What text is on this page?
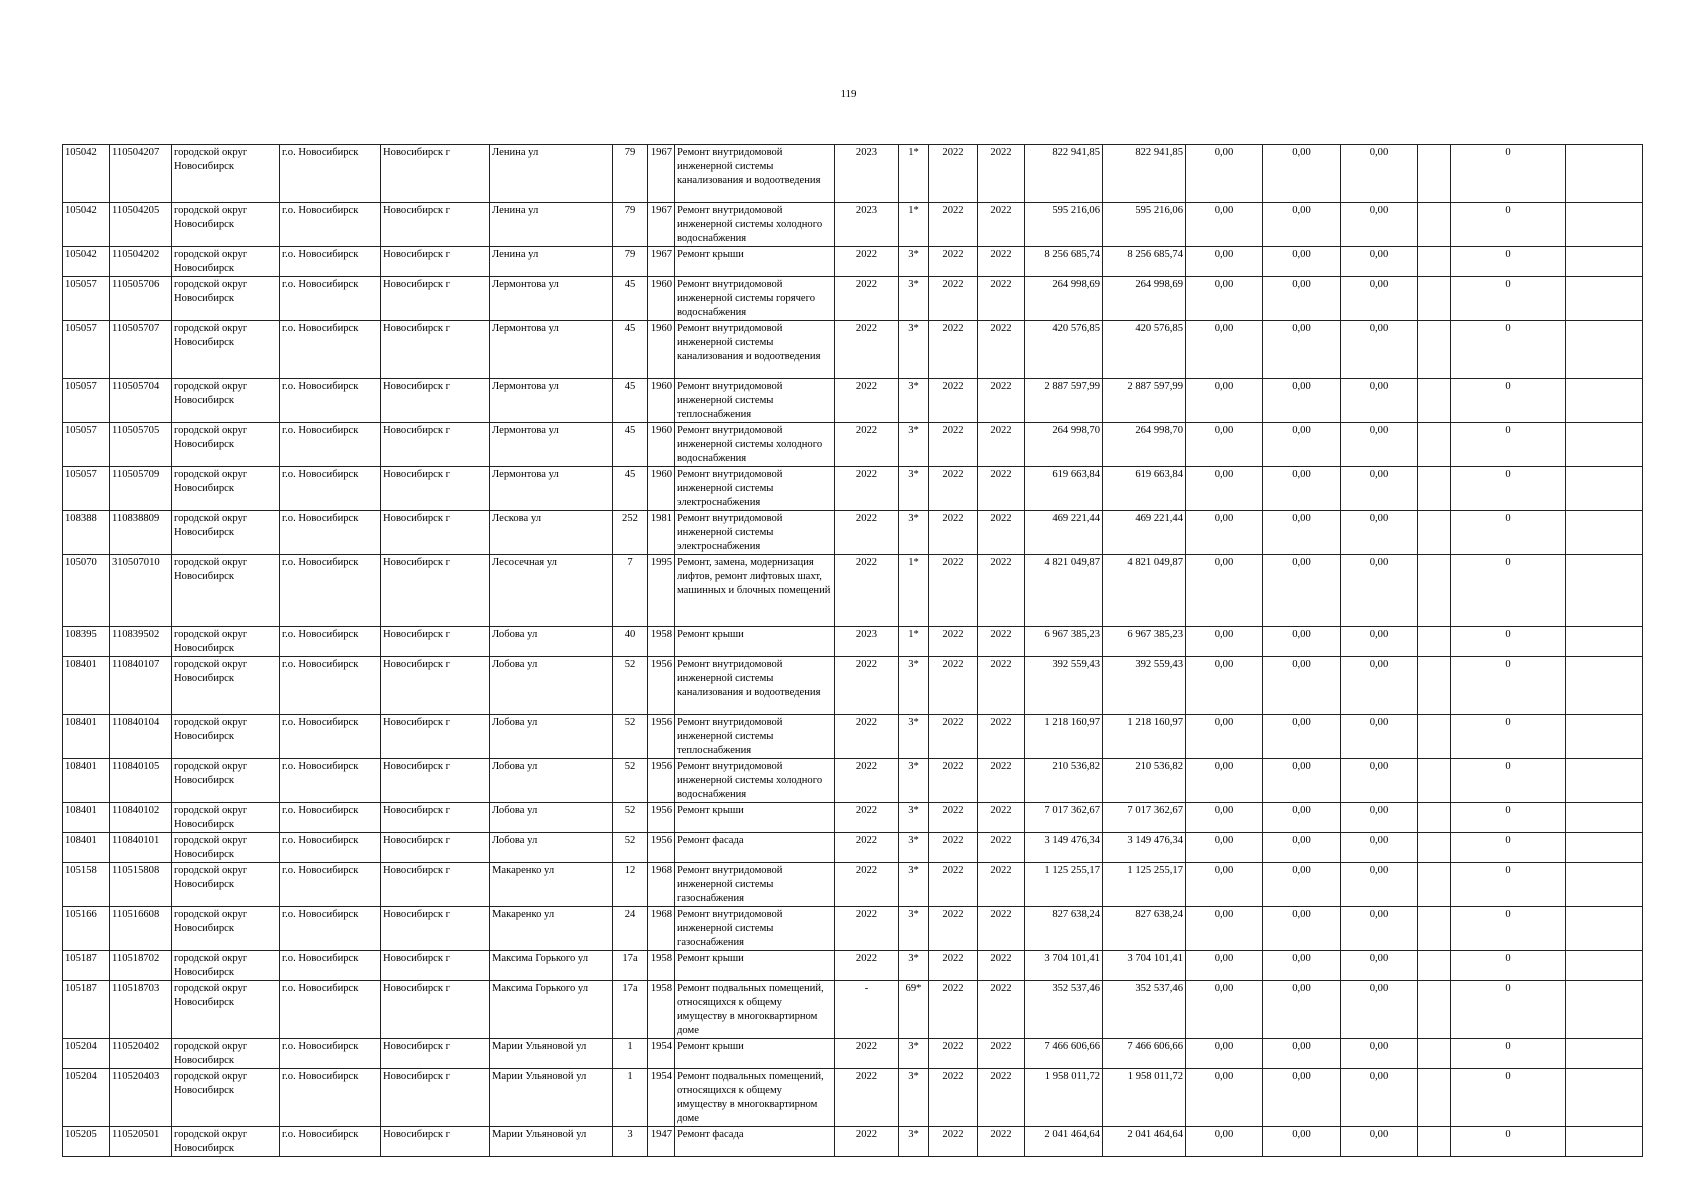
119
105042	110504207	городской округ Новосибирск	г.о. Новосибирск	Новосибирск г	Ленина ул	79	1967	Ремонт внутридомовой инженерной системы канализования и водоотведения	2023	1*	2022	2022	822 941,85	822 941,85	0,00	0,00	0,00		0	
105042	110504205	городской округ Новосибирск	г.о. Новосибирск	Новосибирск г	Ленина ул	79	1967	Ремонт внутридомовой инженерной системы холодного водоснабжения	2023	1*	2022	2022	595 216,06	595 216,06	0,00	0,00	0,00		0	
105042	110504202	городской округ Новосибирск	г.о. Новосибирск	Новосибирск г	Ленина ул	79	1967	Ремонт крыши	2022	3*	2022	2022	8 256 685,74	8 256 685,74	0,00	0,00	0,00		0	
105057	110505706	городской округ Новосибирск	г.о. Новосибирск	Новосибирск г	Лермонтова ул	45	1960	Ремонт внутридомовой инженерной системы горячего водоснабжения	2022	3*	2022	2022	264 998,69	264 998,69	0,00	0,00	0,00		0	
105057	110505707	городской округ Новосибирск	г.о. Новосибирск	Новосибирск г	Лермонтова ул	45	1960	Ремонт внутридомовой инженерной системы канализования и водоотведения	2022	3*	2022	2022	420 576,85	420 576,85	0,00	0,00	0,00		0	
105057	110505704	городской округ Новосибирск	г.о. Новосибирск	Новосибирск г	Лермонтова ул	45	1960	Ремонт внутридомовой инженерной системы теплоснабжения	2022	3*	2022	2022	2 887 597,99	2 887 597,99	0,00	0,00	0,00		0	
105057	110505705	городской округ Новосибирск	г.о. Новосибирск	Новосибирск г	Лермонтова ул	45	1960	Ремонт внутридомовой инженерной системы холодного водоснабжения	2022	3*	2022	2022	264 998,70	264 998,70	0,00	0,00	0,00		0	
105057	110505709	городской округ Новосибирск	г.о. Новосибирск	Новосибирск г	Лермонтова ул	45	1960	Ремонт внутридомовой инженерной системы электроснабжения	2022	3*	2022	2022	619 663,84	619 663,84	0,00	0,00	0,00		0	
108388	110838809	городской округ Новосибирск	г.о. Новосибирск	Новосибирск г	Лескова ул	252	1981	Ремонт внутридомовой инженерной системы электроснабжения	2022	3*	2022	2022	469 221,44	469 221,44	0,00	0,00	0,00		0	
105070	310507010	городской округ Новосибирск	г.о. Новосибирск	Новосибирск г	Лесосечная ул	7	1995	Ремонт, замена, модернизация лифтов, ремонт лифтовых шахт, машинных и блочных помещений	2022	1*	2022	2022	4 821 049,87	4 821 049,87	0,00	0,00	0,00		0	
108395	110839502	городской округ Новосибирск	г.о. Новосибирск	Новосибирск г	Лобова ул	40	1958	Ремонт крыши	2023	1*	2022	2022	6 967 385,23	6 967 385,23	0,00	0,00	0,00		0	
108401	110840107	городской округ Новосибирск	г.о. Новосибирск	Новосибирск г	Лобова ул	52	1956	Ремонт внутридомовой инженерной системы канализования и водоотведения	2022	3*	2022	2022	392 559,43	392 559,43	0,00	0,00	0,00		0	
108401	110840104	городской округ Новосибирск	г.о. Новосибирск	Новосибирск г	Лобова ул	52	1956	Ремонт внутридомовой инженерной системы теплоснабжения	2022	3*	2022	2022	1 218 160,97	1 218 160,97	0,00	0,00	0,00		0	
108401	110840105	городской округ Новосибирск	г.о. Новосибирск	Новосибирск г	Лобова ул	52	1956	Ремонт внутридомовой инженерной системы холодного водоснабжения	2022	3*	2022	2022	210 536,82	210 536,82	0,00	0,00	0,00		0	
108401	110840102	городской округ Новосибирск	г.о. Новосибирск	Новосибирск г	Лобова ул	52	1956	Ремонт крыши	2022	3*	2022	2022	7 017 362,67	7 017 362,67	0,00	0,00	0,00		0	
108401	110840101	городской округ Новосибирск	г.о. Новосибирск	Новосибирск г	Лобова ул	52	1956	Ремонт фасада	2022	3*	2022	2022	3 149 476,34	3 149 476,34	0,00	0,00	0,00		0	
105158	110515808	городской округ Новосибирск	г.о. Новосибирск	Новосибирск г	Макаренко ул	12	1968	Ремонт внутридомовой инженерной системы газоснабжения	2022	3*	2022	2022	1 125 255,17	1 125 255,17	0,00	0,00	0,00		0	
105166	110516608	городской округ Новосибирск	г.о. Новосибирск	Новосибирск г	Макаренко ул	24	1968	Ремонт внутридомовой инженерной системы газоснабжения	2022	3*	2022	2022	827 638,24	827 638,24	0,00	0,00	0,00		0	
105187	110518702	городской округ Новосибирск	г.о. Новосибирск	Новосибирск г	Максима Горького ул	17а	1958	Ремонт крыши	2022	3*	2022	2022	3 704 101,41	3 704 101,41	0,00	0,00	0,00		0	
105187	110518703	городской округ Новосибирск	г.о. Новосибирск	Новосибирск г	Максима Горького ул	17а	1958	Ремонт подвальных помещений, относящихся к общему имуществу в многоквартирном доме	-	69*	2022	2022	352 537,46	352 537,46	0,00	0,00	0,00		0	
105204	110520402	городской округ Новосибирск	г.о. Новосибирск	Новосибирск г	Марии Ульяновой ул	1	1954	Ремонт крыши	2022	3*	2022	2022	7 466 606,66	7 466 606,66	0,00	0,00	0,00		0	
105204	110520403	городской округ Новосибирск	г.о. Новосибирск	Новосибирск г	Марии Ульяновой ул	1	1954	Ремонт подвальных помещений, относящихся к общему имуществу в многоквартирном доме	2022	3*	2022	2022	1 958 011,72	1 958 011,72	0,00	0,00	0,00		0	
105205	110520501	городской округ Новосибирск	г.о. Новосибирск	Новосибирск г	Марии Ульяновой ул	3	1947	Ремонт фасада	2022	3*	2022	2022	2 041 464,64	2 041 464,64	0,00	0,00	0,00		0	
